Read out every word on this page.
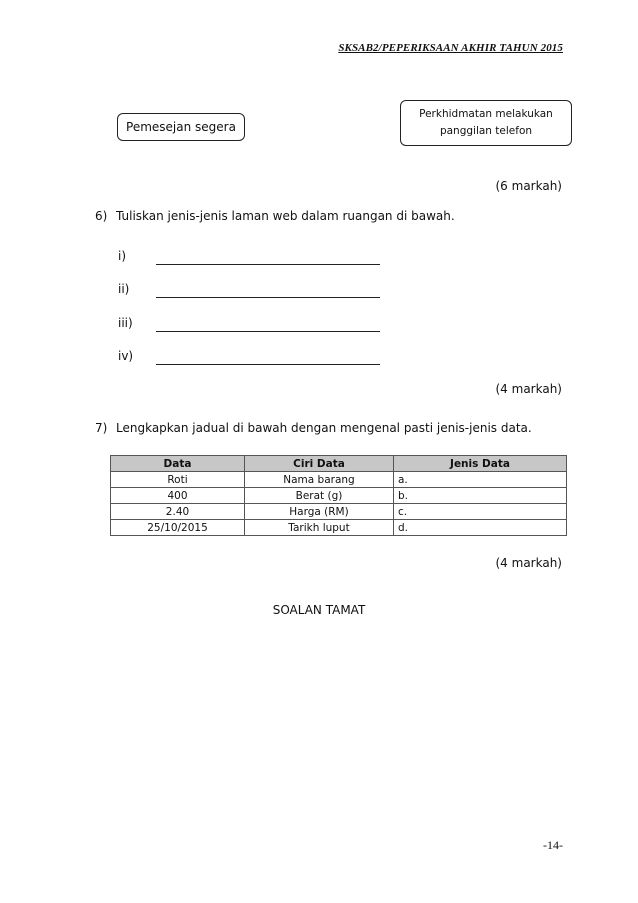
SKSAB2/PEPERIKSAAN AKHIR TAHUN 2015
Pemesejan segera
Perkhidmatan melakukan
panggilan telefon
(6 markah)
6) Tuliskan jenis-jenis laman web dalam ruangan di bawah.
i)
ii)
iii)
iv)
(4 markah)
7) Lengkapkan jadual di bawah dengan mengenal pasti jenis-jenis data.
Data	Ciri Data	Jenis Data
Roti	Nama barang	a.
400	Berat (g)	b.
2.40	Harga (RM)	c.
25/10/2015	Tarikh luput	d.
(4 markah)
SOALAN TAMAT
-14-
